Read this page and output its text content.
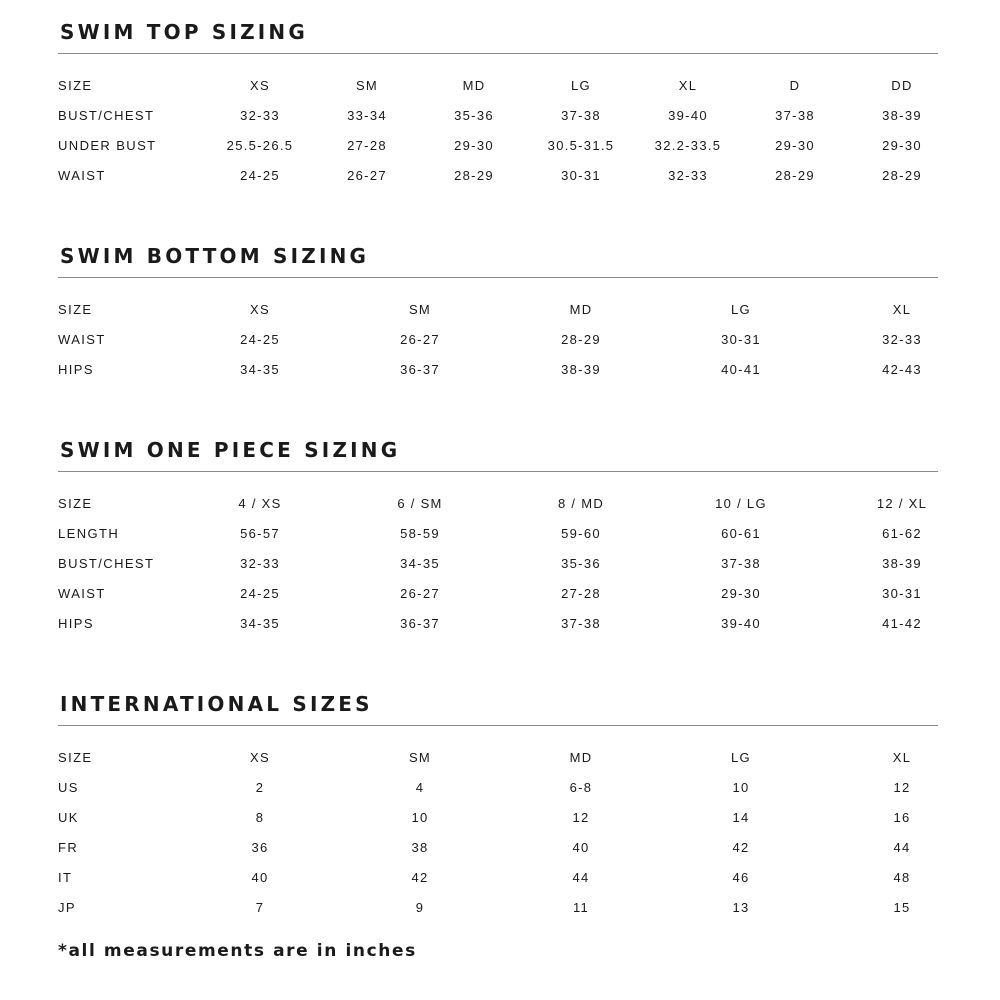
SWIM TOP SIZING
SIZE	XS	SM	MD	LG	XL	D	DD
BUST/CHEST	32-33	33-34	35-36	37-38	39-40	37-38	38-39
UNDER BUST	25.5-26.5	27-28	29-30	30.5-31.5	32.2-33.5	29-30	29-30
WAIST	24-25	26-27	28-29	30-31	32-33	28-29	28-29
SWIM BOTTOM SIZING
SIZE	XS	SM	MD	LG	XL
WAIST	24-25	26-27	28-29	30-31	32-33
HIPS	34-35	36-37	38-39	40-41	42-43
SWIM ONE PIECE SIZING
SIZE	4 / XS	6 / SM	8 / MD	10 / LG	12 / XL
LENGTH	56-57	58-59	59-60	60-61	61-62
BUST/CHEST	32-33	34-35	35-36	37-38	38-39
WAIST	24-25	26-27	27-28	29-30	30-31
HIPS	34-35	36-37	37-38	39-40	41-42
INTERNATIONAL SIZES
SIZE	XS	SM	MD	LG	XL
US	2	4	6-8	10	12
UK	8	10	12	14	16
FR	36	38	40	42	44
IT	40	42	44	46	48
JP	7	9	11	13	15
*all measurements are in inches
